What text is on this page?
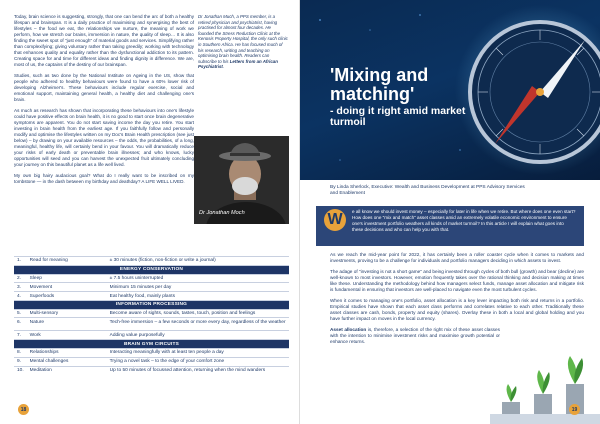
Today, brain science is suggesting, strongly, that one can bend the arc of both a healthy lifespan and brainspan. It is a daily practice of maximising and synergising the best of lifestyles – the food we eat, the relationships we nurture, the meaning of work we perform, how we stretch our brains, immersion in nature, the quality of sleep… It is also finding the sweet spot of "just enough" of material goods and services. Simplifying rather than complexifying; giving voluntary rather than taking greedily; working with technology that enhances quality and equality rather than the dysfunctional addiction to its pattern. Creating space for and time for different ideas and finding dignity in difference. We are, most of us, the captains of the destiny of our brainspan.

Studies, such as two done by the National Institute on Ageing in the US, show that people who adhered to healthy behaviours were found to have a 60% lower risk of developing Alzheimer's. These behaviours include regular exercise, social and emotional support, maintaining general health, a healthy diet and challenging one's brain.

As much as research has shown that incorporating these behaviours into one's lifestyle could have positive effects on brain health, it is no good to start once brain degenerative symptoms are apparent. You do not start saving income the day you retire. You start investing in brain health from the earliest age. If you faithfully follow and personally modify and optimise the lifestyles written on my Doc's Brain Health prescription (see just below) – by drawing on your available resources – the odds, the probabilities, of a long, meaningful, healthy life, will certainly bend in your favour. You will dramatically reduce your risks of early death or preventable brain illnesses; and who knows, lucky opportunities will seed and you can harvest the unexpected fruit ultimately concluding your journey on this beautiful planet as a life well lived.

My own big hairy audacious goal? What do I really want to be inscribed on my tombstone — in the dash between my birthday and deathday? A LIFE WELL LIVED.

Dr Jonathan Much, a PPS member, is a retired physician and psychiatrist, having practised for almost four decades. He founded the Stress Reduction Clinic at the Kenosis Property Hospital, the only such clinic in Southern Africa. He has focused much of his research, writing and teaching on optimising brain health. Readers can subscribe to his Letters from an African Psychiatrist.
Dr Jonathan Moch
1.	Read for meaning	± 30 minutes (fiction, non-fiction or write a journal)
ENERGY CONSERVATION		
2.	Sleep	± 7.5 hours uninterrupted
3.	Movement	Minimum 15 minutes per day
4.	Superfoods	Eat healthy food, mainly plants
INFORMATION PROCESSING		
5.	Multi-sensory	Become aware of sights, sounds, tastes, touch, position and feelings
6.	Nature	Tech-free immersion – a few seconds or more every day, regardless of the weather
7.	Work	Adding value purposefully
BRAIN GYM CIRCUITS		
8.	Relationships	Interacting meaningfully with at least ten people a day
9.	Mental challenges	Trying a novel task – to the edge of your comfort zone
10.	Meditation	Up to 50 minutes of focussed attention, returning when the mind wanders
18
'Mixing and
matching'
- doing it right amid market turmoil
By Linda Sherlock, Executive: Wealth and Business Development at PPS Advisory Services and Enablement
W	e all know we should invest money – especially for later in life when we retire. But where does one even start? How does one "mix and match" asset classes amid an extremely volatile economic environment to ensure one's investment portfolio weathers all kinds of market turmoil? In this article I will explain what goes into these decisions and who can help you with that.

As we reach the mid-year point for 2022, it has certainly been a roller coaster cycle when it comes to markets and investments, proving to be a challenge for individuals and portfolio managers deciding in which assets to invest.

The adage of "investing is not a short game" and being invested through cycles of both bull (growth) and bear (decline) are well-known to most investors. However, emotion frequently takes over the rational thinking and decision making at times like these. Understanding the methodology behind how managers select funds, manage asset allocation and mitigate risk is fundamental in ensuring that investors are well-placed to navigate even the most turbulent cycles.

When it comes to managing one's portfolio, asset allocation is a key lever impacting both risk and returns in a portfolio. Empirical studies have shown that each asset class performs and correlates relative to each other. Traditionally these asset classes are cash, bonds, property and equity (shares). Overlay these in both a local and global holding and you have further impact on moves in the local currency.

Asset allocation is, therefore, a selection of the right mix of these asset classes with the intention to minimise investment risks and maximise growth potential or enhance returns.

19
